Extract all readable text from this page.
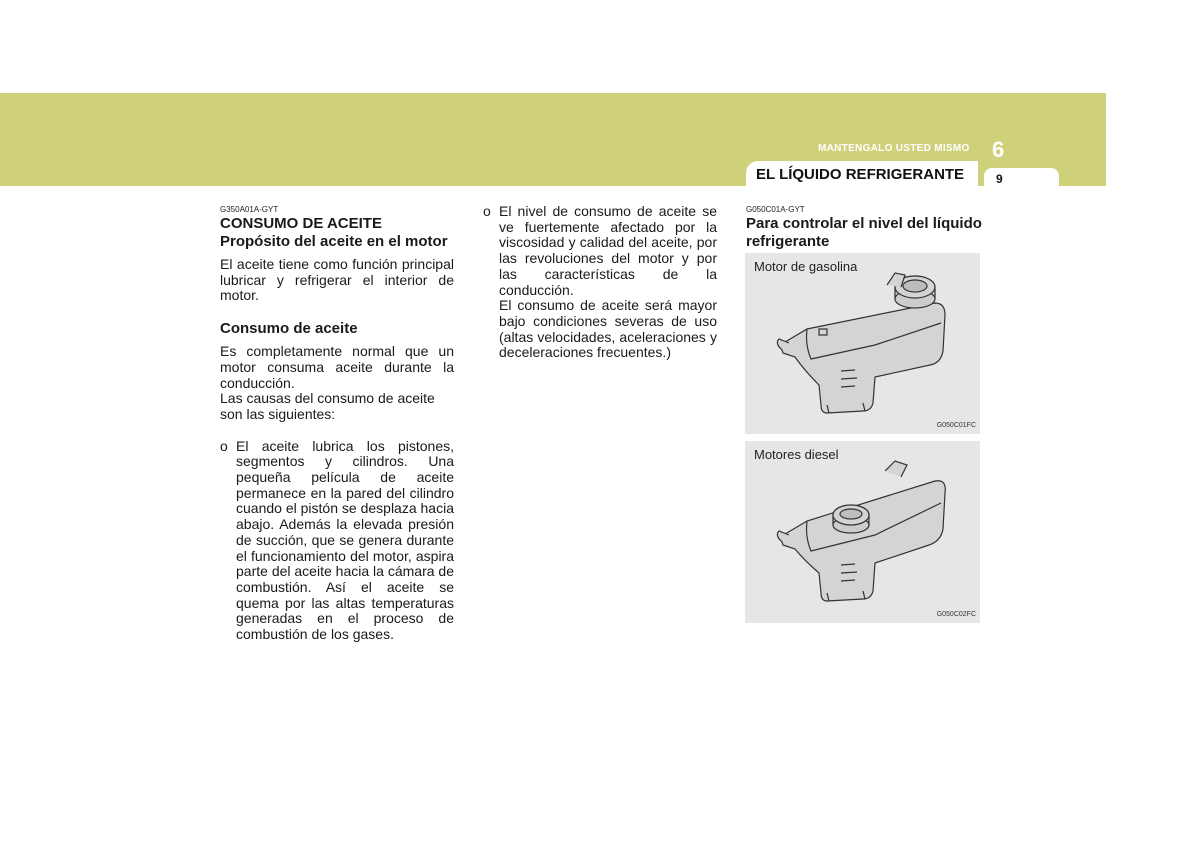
MANTENGALO USTED MISMO 6
EL LÍQUIDO REFRIGERANTE	9
G350A01A-GYT
CONSUMO DE ACEITE
Propósito del aceite en el motor

El aceite tiene como función principal lubricar y refrigerar el interior de motor.

Consumo de aceite

Es completamente normal que un motor consuma aceite durante la conducción.

Las causas del consumo de aceite son las siguientes:

o El aceite lubrica los pistones, segmentos y cilindros. Una pequeña película de aceite permanece en la pared del cilindro cuando el pistón se desplaza hacia abajo. Además la elevada presión de succión, que se genera durante el funcionamiento del motor, aspira parte del aceite hacia la cámara de combustión. Así el aceite se quema por las altas temperaturas generadas en el proceso de combustión de los gases.
o El nivel de consumo de aceite se ve fuertemente afectado por la viscosidad y calidad del aceite, por las revoluciones del motor y por las características de la conducción.
El consumo de aceite será mayor bajo condiciones severas de uso (altas velocidades, aceleraciones y deceleraciones frecuentes.)
G050C01A-GYT
Para controlar el nivel del líquido refrigerante
Motor de gasolina
G050C01FC
Motores diesel
G050C02FC
